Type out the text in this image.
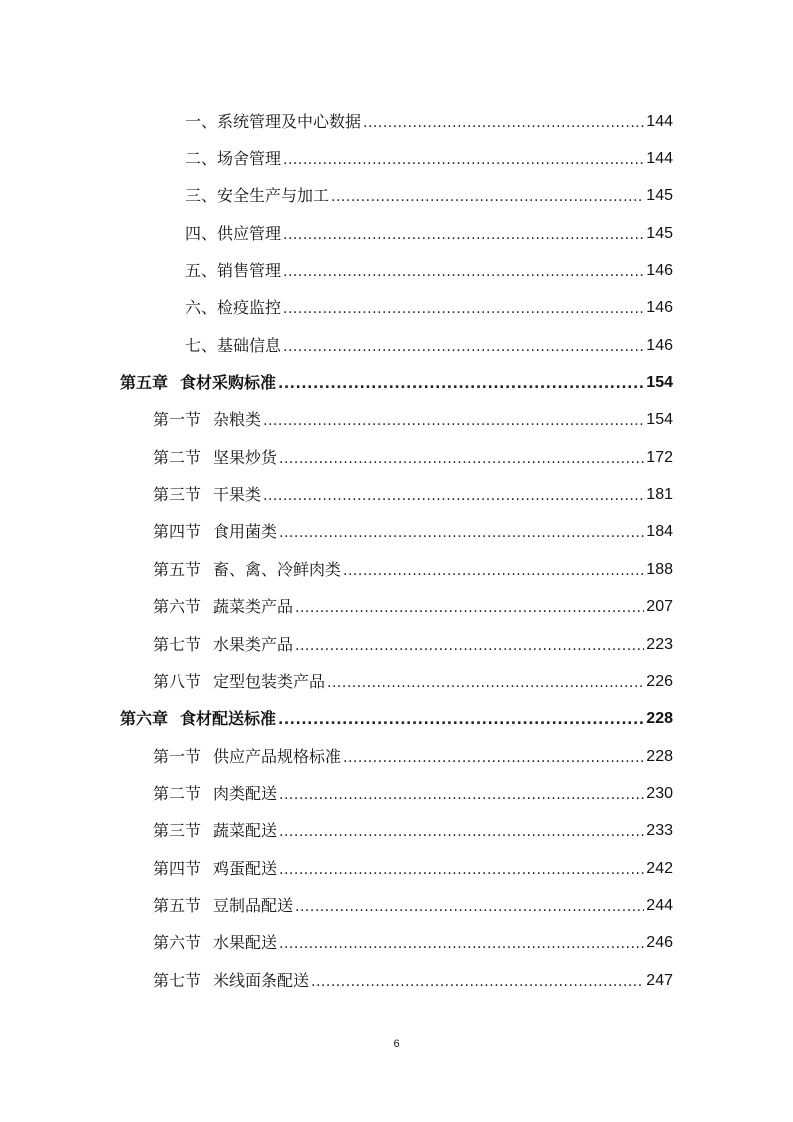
一、系统管理及中心数据 .....	144
二、场舍管理 .....	144
三、安全生产与加工 .....	145
四、供应管理 .....	145
五、销售管理 .....	146
六、检疫监控 .....	146
七、基础信息 .....	146
第五章 食材采购标准 .....	154
第一节 杂粮类 .....	154
第二节 坚果炒货 .....	172
第三节 干果类 .....	181
第四节 食用菌类 .....	184
第五节 畜、禽、冷鲜肉类 .....	188
第六节 蔬菜类产品 .....	207
第七节 水果类产品 .....	223
第八节 定型包装类产品 .....	226
第六章 食材配送标准 .....	228
第一节 供应产品规格标准 .....	228
第二节 肉类配送 .....	230
第三节 蔬菜配送 .....	233
第四节 鸡蛋配送 .....	242
第五节 豆制品配送 .....	244
第六节 水果配送 .....	246
第七节 米线面条配送 .....	247
6
